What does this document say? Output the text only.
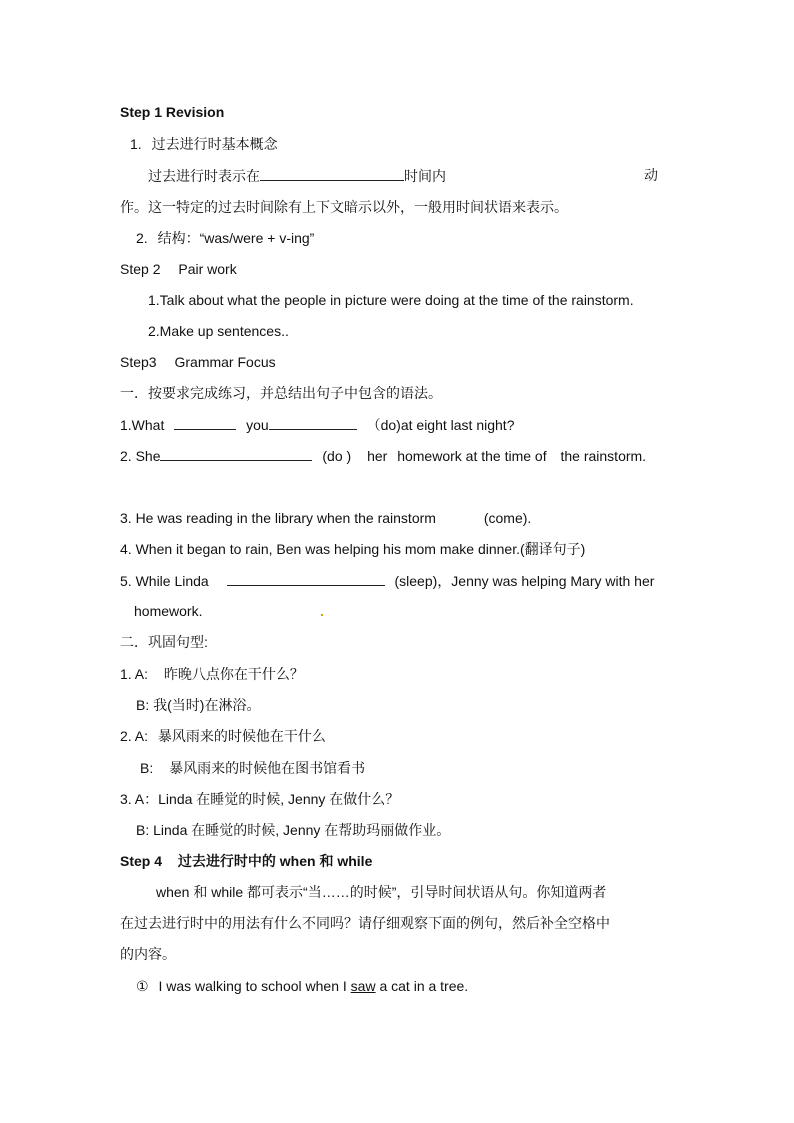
Step 1 Revision
1. 过去进行时基本概念
过去进行时表示在	时间内	动
作。这一特定的过去时间除有上下文暗示以外，一般用时间状语来表示。
2. 结构：“was/were + v-ing”
Step 2 Pair work
1.Talk about what the people in picture were doing at the time of the rainstorm.
2.Make up sentences..
Step3 Grammar Focus
一．按要求完成练习，并总结出句子中包含的语法。
1.What	you	（do)at eight last night?
2. She	(do ) her homework at the time of the rainstorm.
3. He was reading in the library when the rainstorm	(come).
4. When it began to rain, Ben was helping his mom make dinner.(翻译句子)
5. While Linda	(sleep)，Jenny was helping Mary with her
homework.
二．巩固句型:
1. A: 昨晚八点你在干什么？
B: 我(当时)在淋浴。
2. A: 暴风雨来的时候他在干什么
B: 暴风雨来的时候他在图书馆看书
3. A：Linda 在睡觉的时候, Jenny 在做什么？
B: Linda 在睡觉的时候, Jenny 在帮助玛丽做作业。
Step 4 过去进行时中的 when 和 while
when 和 while 都可表示“当……的时候”，引导时间状语从句。你知道两者
在过去进行时中的用法有什么不同吗？请仔细观察下面的例句，然后补全空格中
的内容。
① I was walking to school when I saw a cat in a tree.
